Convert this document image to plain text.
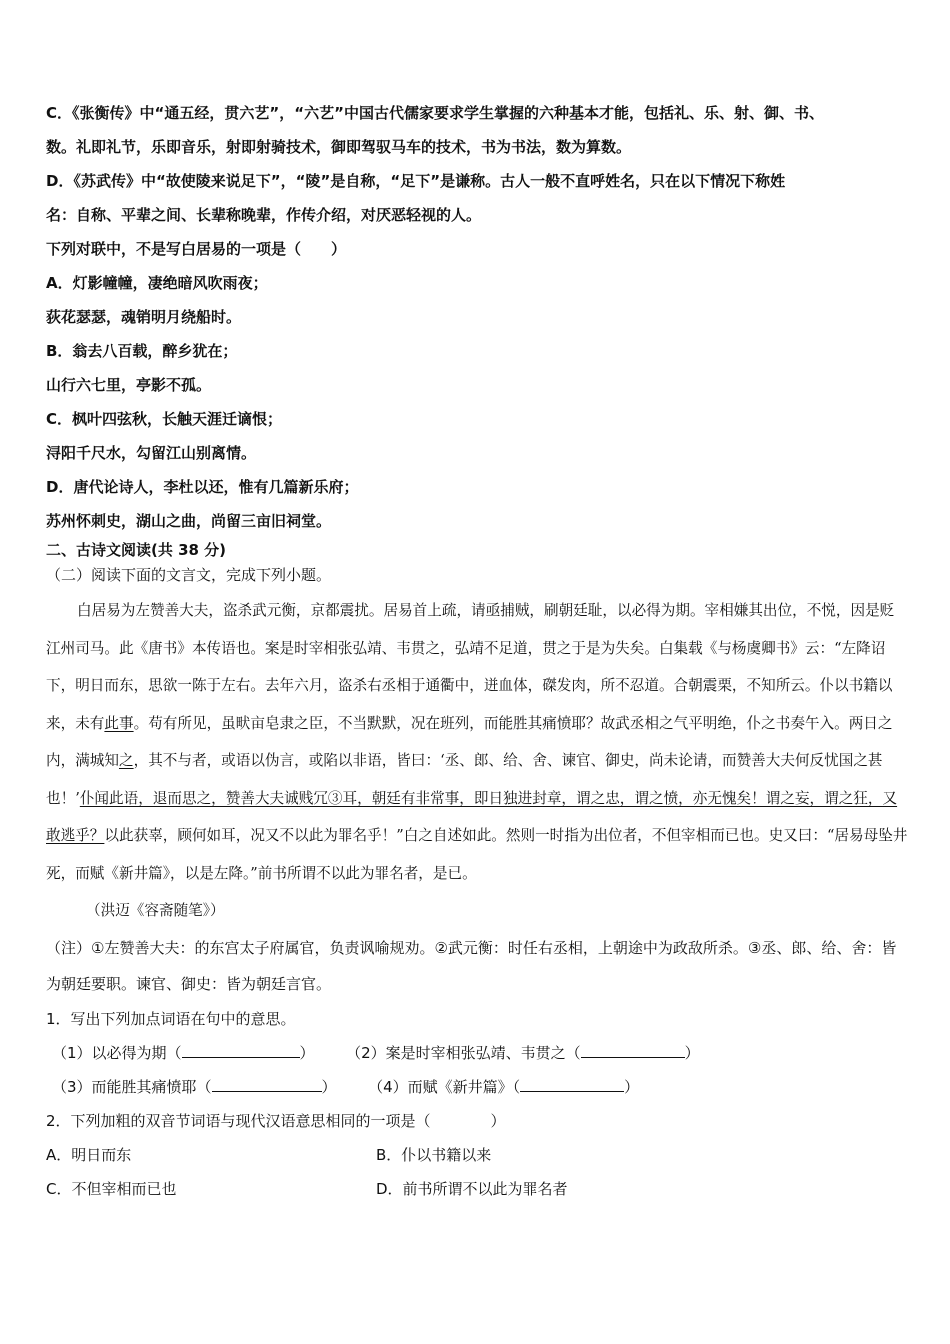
C．《张衡传》中“通五经，贯六艺”，“六艺”中国古代儒家要求学生掌握的六种基本才能，包括礼、乐、射、御、书、
数。礼即礼节，乐即音乐，射即射骑技术，御即驾驭马车的技术，书为书法，数为算数。
D．《苏武传》中“故使陵来说足下”，“陵”是自称，“足下”是谦称。古人一般不直呼姓名，只在以下情况下称姓
名：自称、平辈之间、长辈称晚辈，作传介绍，对厌恶轻视的人。
下列对联中，不是写白居易的一项是（　　）
A．灯影幢幢，凄绝暗风吹雨夜；
荻花瑟瑟，魂销明月绕船时。
B．翁去八百载，醉乡犹在；
山行六七里，亭影不孤。
C．枫叶四弦秋，长触天涯迁谪恨；
浔阳千尺水，勾留江山别离情。
D．唐代论诗人，李杜以还，惟有几篇新乐府；
苏州怀刺史，湖山之曲，尚留三亩旧祠堂。
二、古诗文阅读(共 38 分)
（二）阅读下面的文言文，完成下列小题。
白居易为左赞善大夫，盗杀武元衡，京都震扰。居易首上疏，请亟捕贼，刷朝廷耻，以必得为期。宰相嫌其出位，不悦，因是贬江州司马。此《唐书》本传语也。案是时宰相张弘靖、韦贯之，弘靖不足道，贯之于是为失矣。白集载《与杨虞卿书》云：“左降诏下，明日而东，思欲一陈于左右。去年六月，盗杀右丞相于通衢中，迸血体，磔发肉，所不忍道。合朝震栗，不知所云。仆以书籍以来，未有此事。苟有所见，虽畎亩皂隶之臣，不当默默，况在班列，而能胜其痛愤耶？故武丞相之气平明绝，仆之书奏午入。两日之内，满城知之，其不与者，或语以伪言，或陷以非语，皆曰：‘丞、郎、给、舍、谏官、御史，尚未论请，而赞善大夫何反忧国之甚也！’仆闻此语，退而思之，赞善大夫诚贱冗③耳，朝廷有非常事，即日独进封章，谓之忠，谓之愤，亦无愧矣！谓之妄，谓之狂，又敢逃乎？以此获辜，顾何如耳，况又不以此为罪名乎！”白之自述如此。然则一时指为出位者，不但宰相而已也。史又曰：“居易母坠井死，而赋《新井篇》，以是左降。”前书所谓不以此为罪名者，是已。
（洪迈《容斋随笔》）
（注）①左赞善大夫：的东宫太子府属官，负责讽喻规劝。②武元衡：时任右丞相，上朝途中为政敌所杀。③丞、郎、给、舍：皆为朝廷要职。谏官、御史：皆为朝廷言官。
1．写出下列加点词语在句中的意思。
（1）以必得为期（	） （2）案是时宰相张弘靖、韦贯之（	）
（3）而能胜其痛愤耶（	） （4）而赋《新井篇》（	）
2．下列加粗的双音节词语与现代汉语意思相同的一项是（　　　　）
A．明日而东	B．仆以书籍以来
C．不但宰相而已也	D．前书所谓不以此为罪名者
